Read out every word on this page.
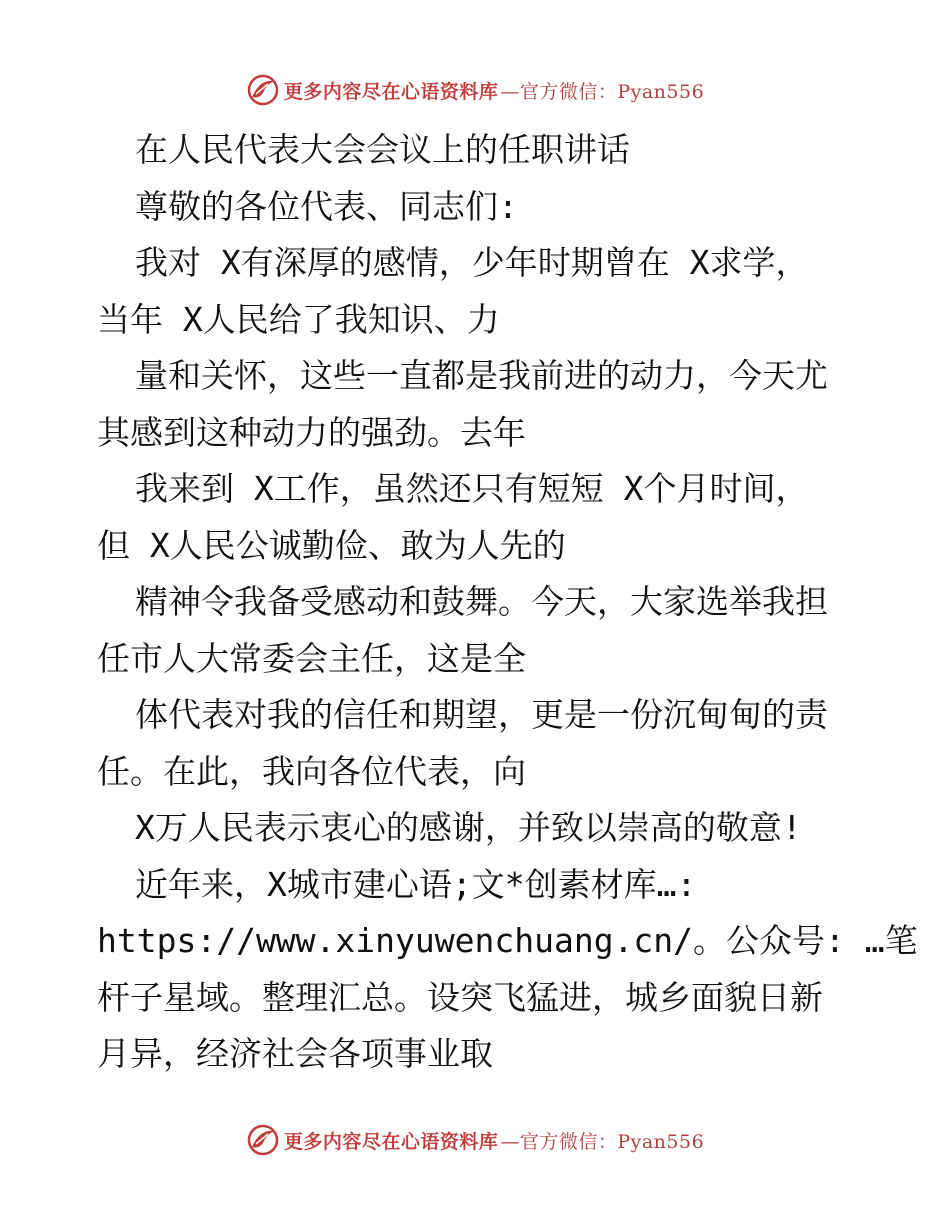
更多内容尽在心语资料库 —官方微信：Pyan556
在人民代表大会会议上的任职讲话
尊敬的各位代表、同志们:
我对 X有深厚的感情，少年时期曾在 X求学，
当年 X人民给了我知识、力
量和关怀，这些一直都是我前进的动力，今天尤
其感到这种动力的强劲。去年
我来到 X工作，虽然还只有短短 X个月时间，
但 X人民公诚勤俭、敢为人先的
精神令我备受感动和鼓舞。今天，大家选举我担
任市人大常委会主任，这是全
体代表对我的信任和期望，更是一份沉甸甸的责
任。在此，我向各位代表，向
X万人民表示衷心的感谢，并致以崇高的敬意!
近年来，X城市建心语;文*创素材库…:
https://www.xinyuwenchuang.cn/。公众号: …笔
杆子星域。整理汇总。设突飞猛进，城乡面貌日新
月异，经济社会各项事业取
更多内容尽在心语资料库 —官方微信：Pyan556
